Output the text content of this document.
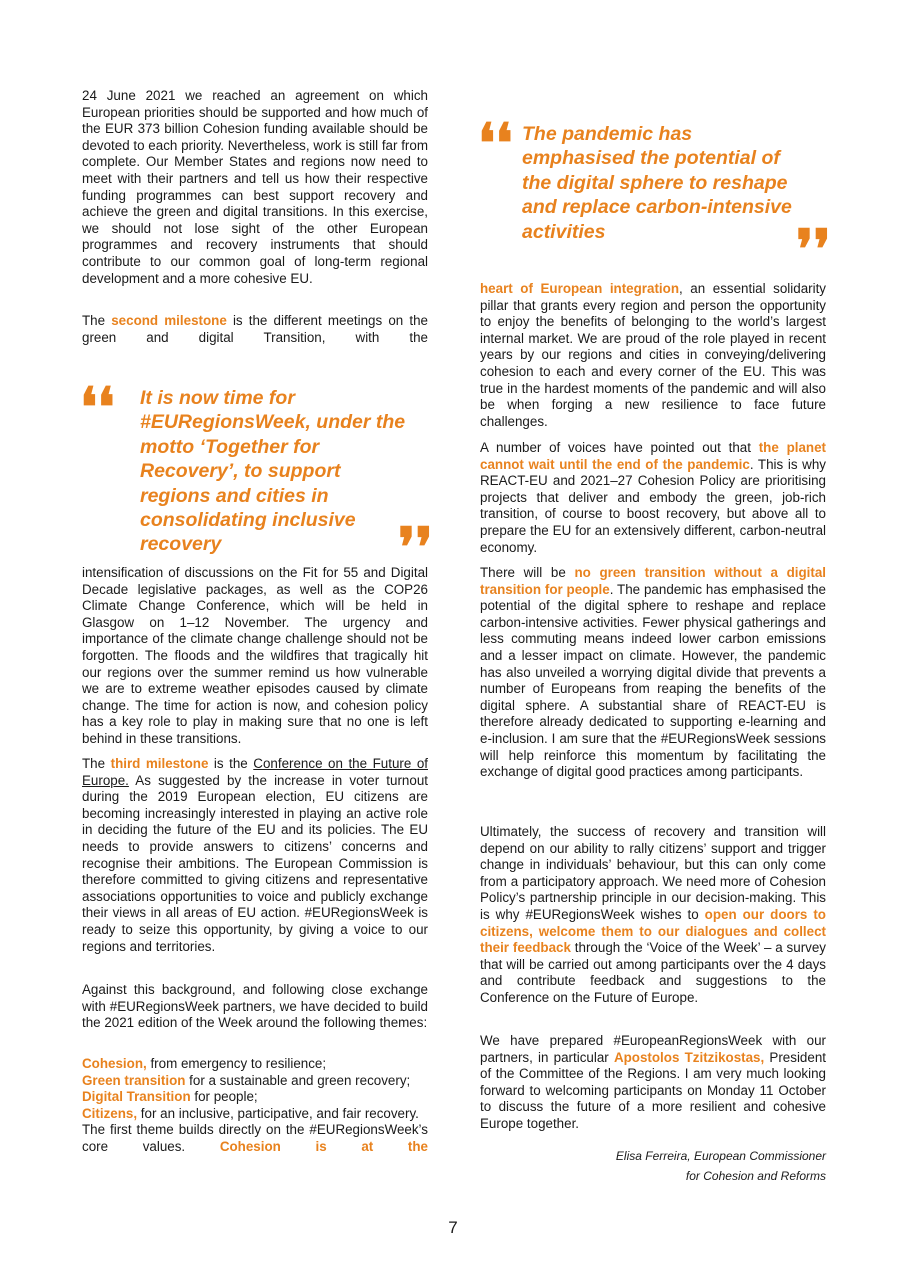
24 June 2021 we reached an agreement on which European priorities should be supported and how much of the EUR 373 billion Cohesion funding available should be devoted to each priority. Nevertheless, work is still far from complete. Our Member States and regions now need to meet with their partners and tell us how their respective funding programmes can best support recovery and achieve the green and digital transitions. In this exercise, we should not lose sight of the other European programmes and recovery instruments that should contribute to our common goal of long-term regional development and a more cohesive EU.

The second milestone is the different meetings on the green and digital Transition, with the

❛❛ It is now time for #EURegionsWeek, under the motto ‘Together for Recovery’, to support regions and cities in consolidating inclusive recovery	❜❜

intensification of discussions on the Fit for 55 and Digital Decade legislative packages, as well as the COP26 Climate Change Conference, which will be held in Glasgow on 1–12 November. The urgency and importance of the climate change challenge should not be forgotten. The floods and the wildfires that tragically hit our regions over the summer remind us how vulnerable we are to extreme weather episodes caused by climate change. The time for action is now, and cohesion policy has a key role to play in making sure that no one is left behind in these transitions.

The third milestone is the Conference on the Future of Europe. As suggested by the increase in voter turnout during the 2019 European election, EU citizens are becoming increasingly interested in playing an active role in deciding the future of the EU and its policies. The EU needs to provide answers to citizens’ concerns and recognise their ambitions. The European Commission is therefore committed to giving citizens and representative associations opportunities to voice and publicly exchange their views in all areas of EU action. #EURegionsWeek is ready to seize this opportunity, by giving a voice to our regions and territories.

Against this background, and following close exchange with #EURegionsWeek partners, we have decided to build the 2021 edition of the Week around the following themes:

Cohesion, from emergency to resilience;

Green transition for a sustainable and green recovery;

Digital Transition for people;

Citizens, for an inclusive, participative, and fair recovery.

The first theme builds directly on the #EURegionsWeek’s core values. Cohesion is at the

❛❛ The pandemic has emphasised the potential of the digital sphere to reshape and replace carbon-intensive activities	❜❜

heart of European integration, an essential solidarity pillar that grants every region and person the opportunity to enjoy the benefits of belonging to the world’s largest internal market. We are proud of the role played in recent years by our regions and cities in conveying/delivering cohesion to each and every corner of the EU. This was true in the hardest moments of the pandemic and will also be when forging a new resilience to face future challenges.

A number of voices have pointed out that the planet cannot wait until the end of the pandemic. This is why REACT-EU and 2021–27 Cohesion Policy are prioritising projects that deliver and embody the green, job-rich transition, of course to boost recovery, but above all to prepare the EU for an extensively different, carbon-neutral economy.

There will be no green transition without a digital transition for people. The pandemic has emphasised the potential of the digital sphere to reshape and replace carbon-intensive activities. Fewer physical gatherings and less commuting means indeed lower carbon emissions and a lesser impact on climate. However, the pandemic has also unveiled a worrying digital divide that prevents a number of Europeans from reaping the benefits of the digital sphere. A substantial share of REACT-EU is therefore already dedicated to supporting e-learning and e-inclusion. I am sure that the #EURegionsWeek sessions will help reinforce this momentum by facilitating the exchange of digital good practices among participants.

Ultimately, the success of recovery and transition will depend on our ability to rally citizens’ support and trigger change in individuals’ behaviour, but this can only come from a participatory approach. We need more of Cohesion Policy’s partnership principle in our decision-making. This is why #EURegionsWeek wishes to open our doors to citizens, welcome them to our dialogues and collect their feedback through the ‘Voice of the Week’ – a survey that will be carried out among participants over the 4 days and contribute feedback and suggestions to the Conference on the Future of Europe.

We have prepared #EuropeanRegionsWeek with our partners, in particular Apostolos Tzitzikostas, President of the Committee of the Regions. I am very much looking forward to welcoming participants on Monday 11 October to discuss the future of a more resilient and cohesive Europe together.

Elisa Ferreira, European Commissioner
for Cohesion and Reforms
7
